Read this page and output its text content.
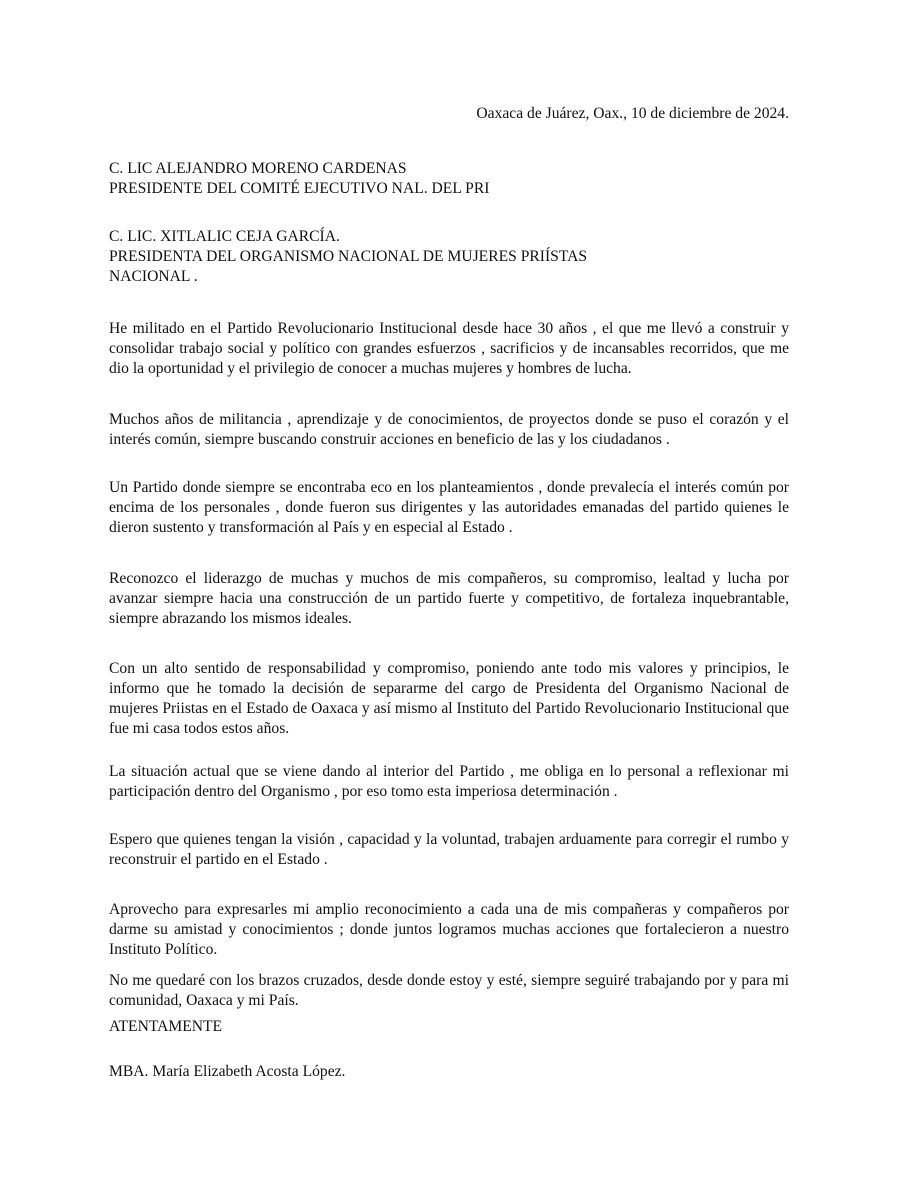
Oaxaca de Juárez, Oax., 10 de diciembre de 2024.
C. LIC ALEJANDRO MORENO CARDENAS
PRESIDENTE DEL COMITÉ EJECUTIVO NAL. DEL PRI
C. LIC. XITLALIC CEJA GARCÍA.
PRESIDENTA DEL ORGANISMO NACIONAL DE MUJERES PRIÍSTAS
NACIONAL .
He militado en el Partido Revolucionario Institucional desde hace 30 años , el que me llevó a construir y consolidar trabajo social y político con grandes esfuerzos , sacrificios y de incansables recorridos, que me dio la oportunidad y el privilegio de conocer a muchas mujeres y hombres de lucha.
Muchos años de militancia , aprendizaje y de conocimientos, de proyectos donde se puso el corazón y el interés común, siempre buscando construir acciones en beneficio de las y los ciudadanos .
Un Partido donde siempre se encontraba eco en los planteamientos , donde prevalecía el interés común por encima de los personales , donde fueron sus dirigentes y las autoridades emanadas del partido quienes le dieron sustento y transformación al País y en especial al Estado .
Reconozco el liderazgo de muchas y muchos de mis compañeros, su compromiso, lealtad y lucha por avanzar siempre hacia una construcción de un partido fuerte y competitivo, de fortaleza inquebrantable, siempre abrazando los mismos ideales.
Con un alto sentido de responsabilidad y compromiso, poniendo ante todo mis valores y principios, le informo que he tomado la decisión de separarme del cargo de Presidenta del Organismo Nacional de mujeres Priistas en el Estado de Oaxaca y así mismo al Instituto del Partido Revolucionario Institucional que fue mi casa todos estos años.
La situación actual que se viene dando al interior del Partido , me obliga en lo personal a reflexionar mi participación dentro del Organismo , por eso tomo esta imperiosa determinación .
Espero que quienes tengan la visión , capacidad y la voluntad, trabajen arduamente para corregir el rumbo y reconstruir el partido en el Estado .
Aprovecho para expresarles mi amplio reconocimiento a cada una de mis compañeras y compañeros por darme su amistad y conocimientos ; donde juntos logramos muchas acciones que fortalecieron a nuestro Instituto Político.
No me quedaré con los brazos cruzados, desde donde estoy y esté, siempre seguiré trabajando por y para mi comunidad, Oaxaca y mi País.
ATENTAMENTE
MBA. María Elizabeth Acosta López.
